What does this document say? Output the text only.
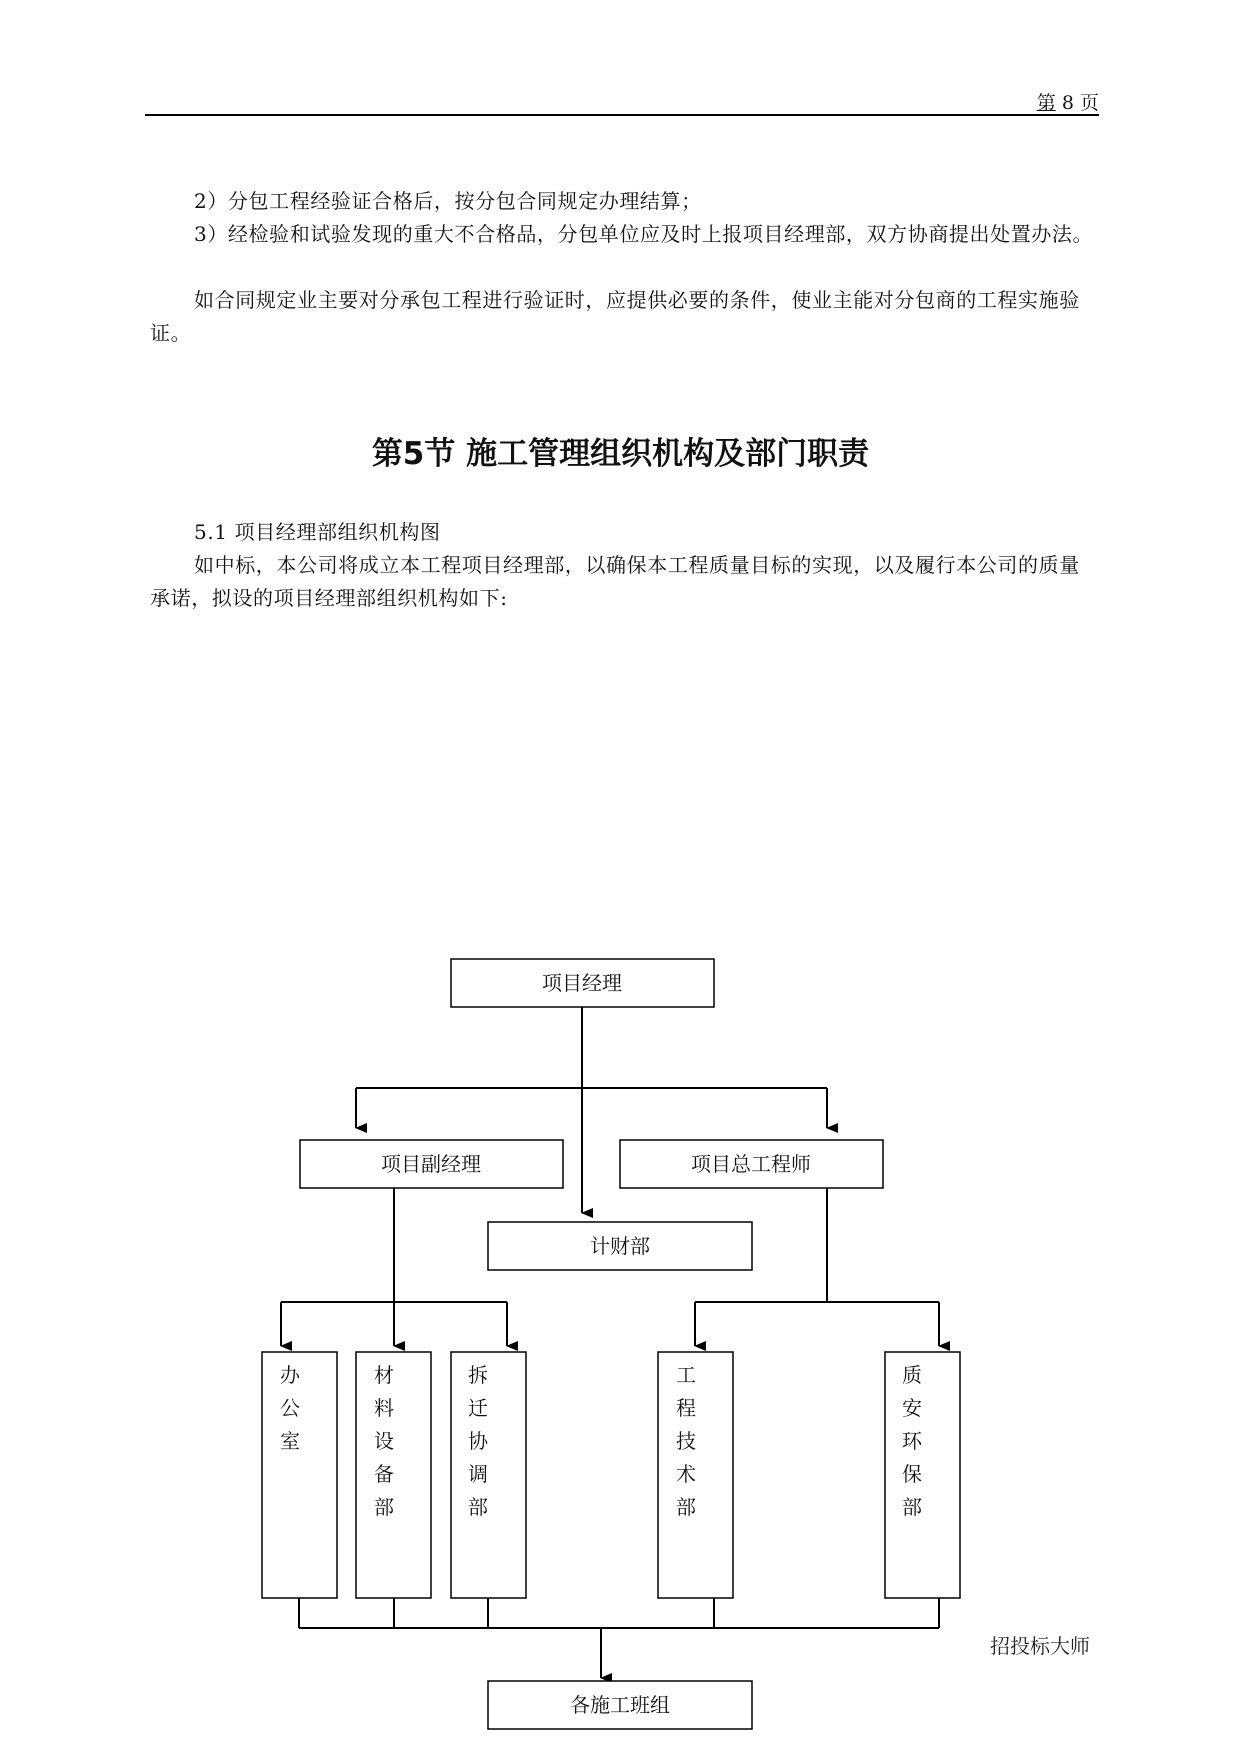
第 8 页
2）分包工程经验证合格后，按分包合同规定办理结算；
3）经检验和试验发现的重大不合格品，分包单位应及时上报项目经理部，双方协商提出处置办法。
如合同规定业主要对分承包工程进行验证时，应提供必要的条件，使业主能对分包商的工程实施验证。
第5节 施工管理组织机构及部门职责
5.1 项目经理部组织机构图
如中标，本公司将成立本工程项目经理部，以确保本工程质量目标的实现，以及履行本公司的质量承诺，拟设的项目经理部组织机构如下:
项目经理
项目副经理	项目总工程师
计财部
各施工班组
办公室
材料设备部
拆迁协调部
工程技术部
质安环保部
招投标大师
